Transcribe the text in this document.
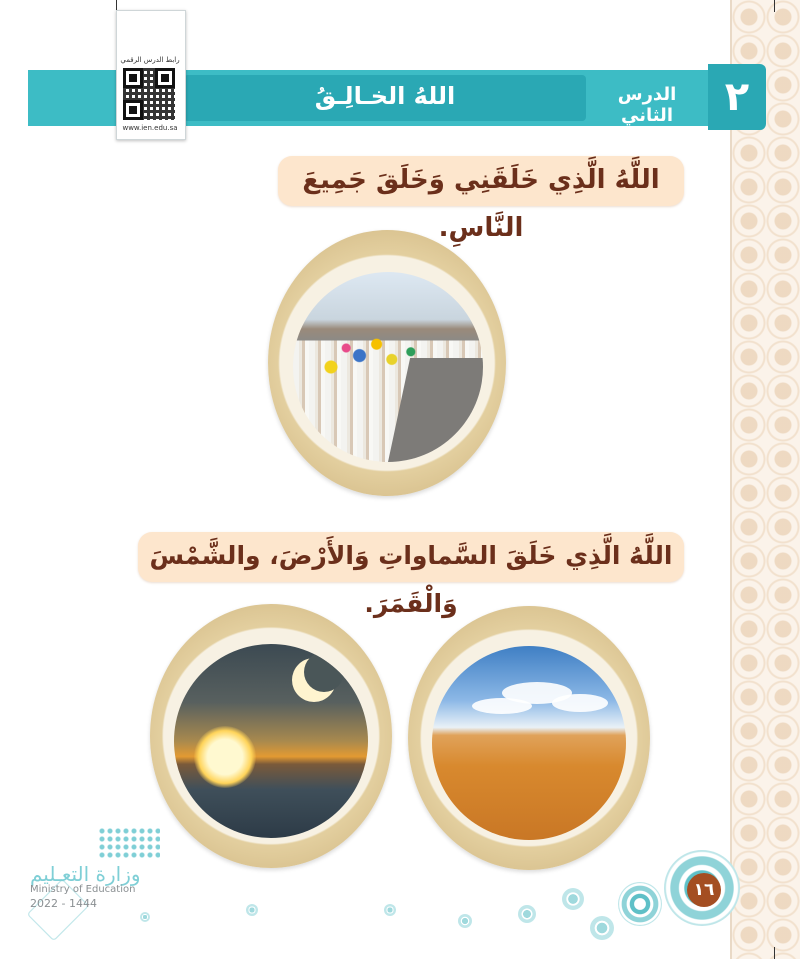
٢
الدرس الثاني
اللهُ الخـالِـقُ
رابط الدرس الرقمي
www.ien.edu.sa
اللَّهُ الَّذِي خَلَقَنِي وَخَلَقَ جَمِيعَ النَّاسِ.
اللَّهُ الَّذِي خَلَقَ السَّماواتِ وَالأَرْضَ، والشَّمْسَ وَالْقَمَرَ.
١٦
وزارة التعـليم
Ministry of Education
2022 - 1444
